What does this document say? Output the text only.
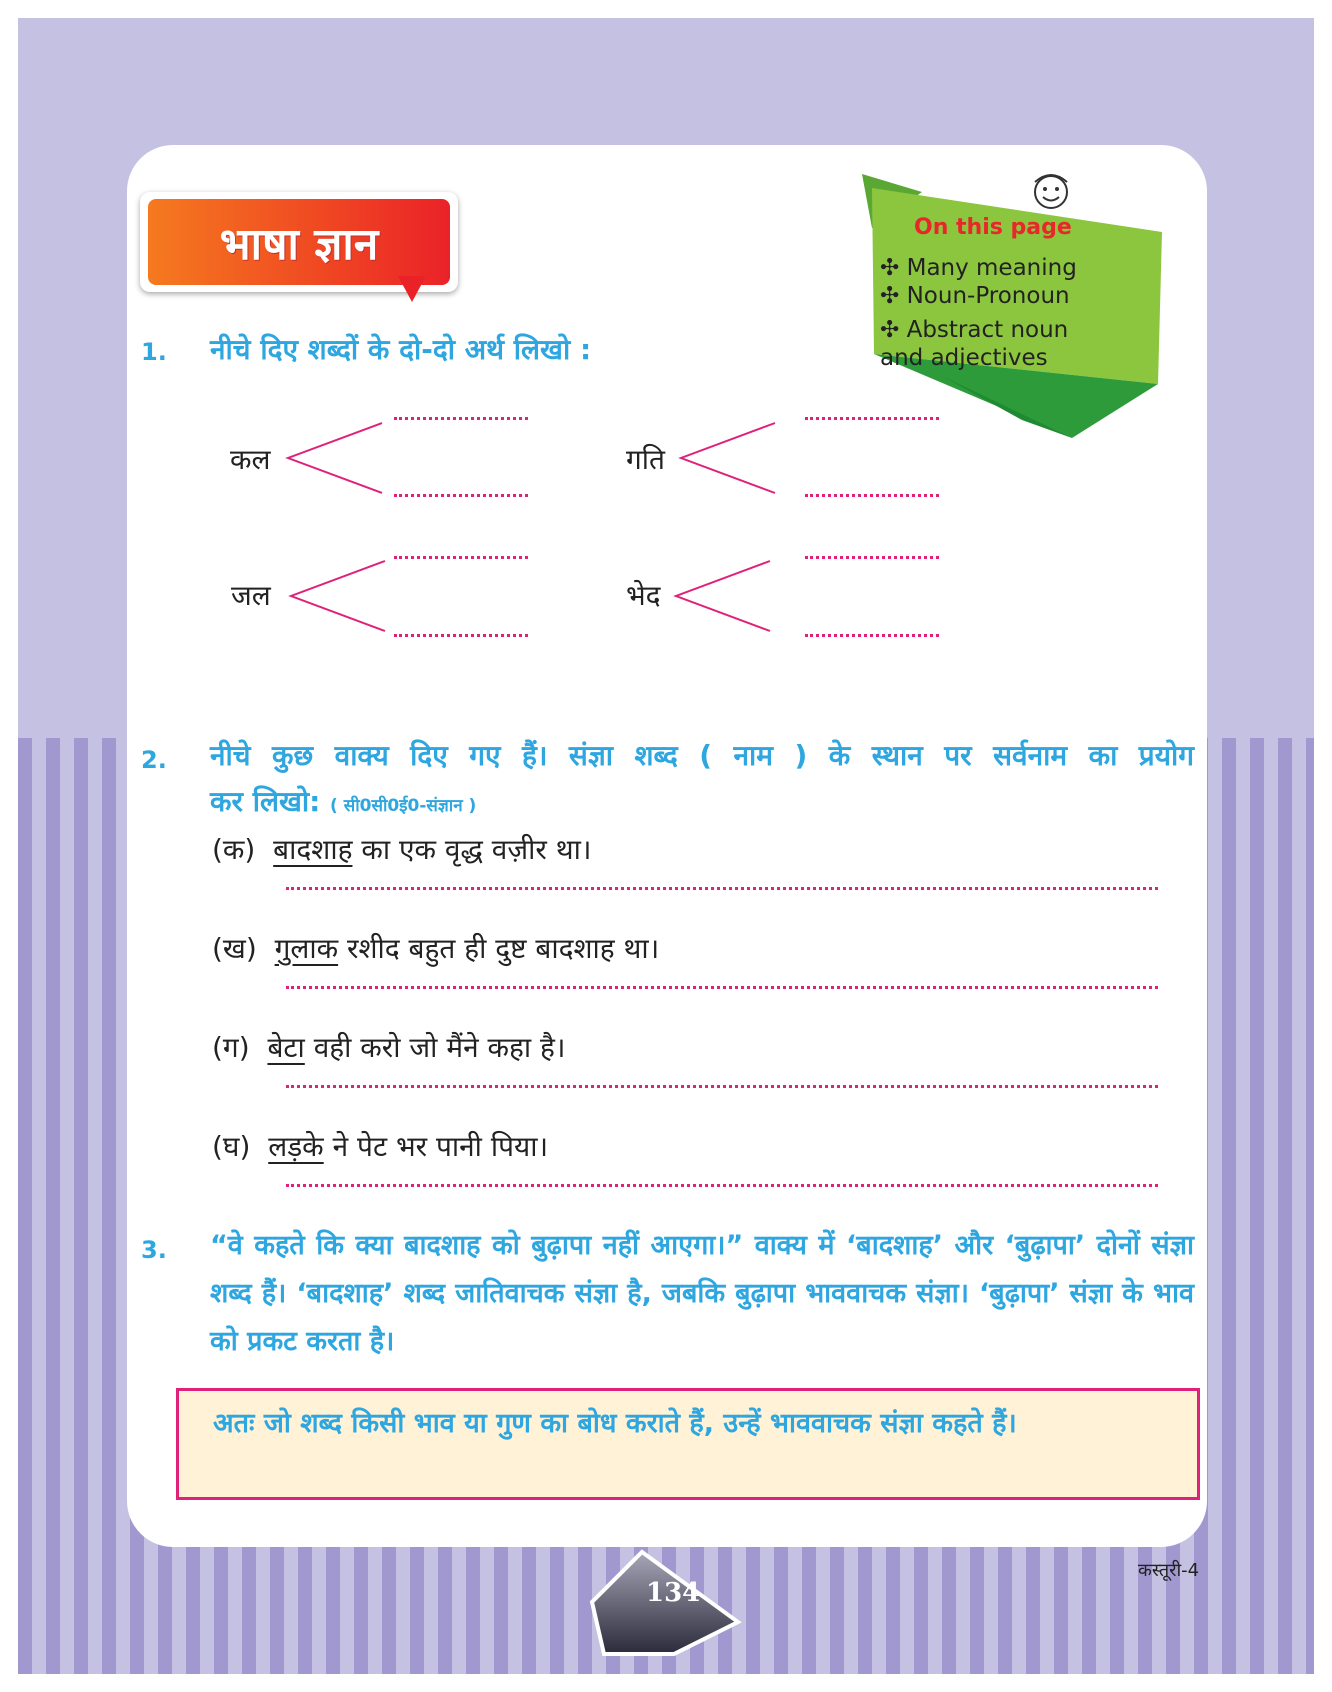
भाषा ज्ञान	On this page
✣ Many meaning
✣ Noun-Pronoun
✣ Abstract noun and adjectives
1. नीचे दिए शब्दों के दो-दो अर्थ लिखो :
कल	गति
जल	भेद
2. नीचे कुछ वाक्य दिए गए हैं। संज्ञा शब्द ( नाम ) के स्थान पर सर्वनाम का प्रयोग
कर लिखो: ( सी0सी0ई0-संज्ञान )
(क) बादशाह का एक वृद्ध वज़ीर था।
(ख) गुलाक रशीद बहुत ही दुष्ट बादशाह था।
(ग) बेटा वही करो जो मैंने कहा है।
(घ) लड़के ने पेट भर पानी पिया।
3. “वे कहते कि क्या बादशाह को बुढ़ापा नहीं आएगा।” वाक्य में ‘बादशाह’ और ‘बुढ़ापा’ दोनों संज्ञा शब्द हैं। ‘बादशाह’ शब्द जातिवाचक संज्ञा है, जबकि बुढ़ापा भाववाचक संज्ञा। ‘बुढ़ापा’ संज्ञा के भाव को प्रकट करता है।
अतः जो शब्द किसी भाव या गुण का बोध कराते हैं, उन्हें भाववाचक संज्ञा कहते हैं।
134
कस्तूरी-4
